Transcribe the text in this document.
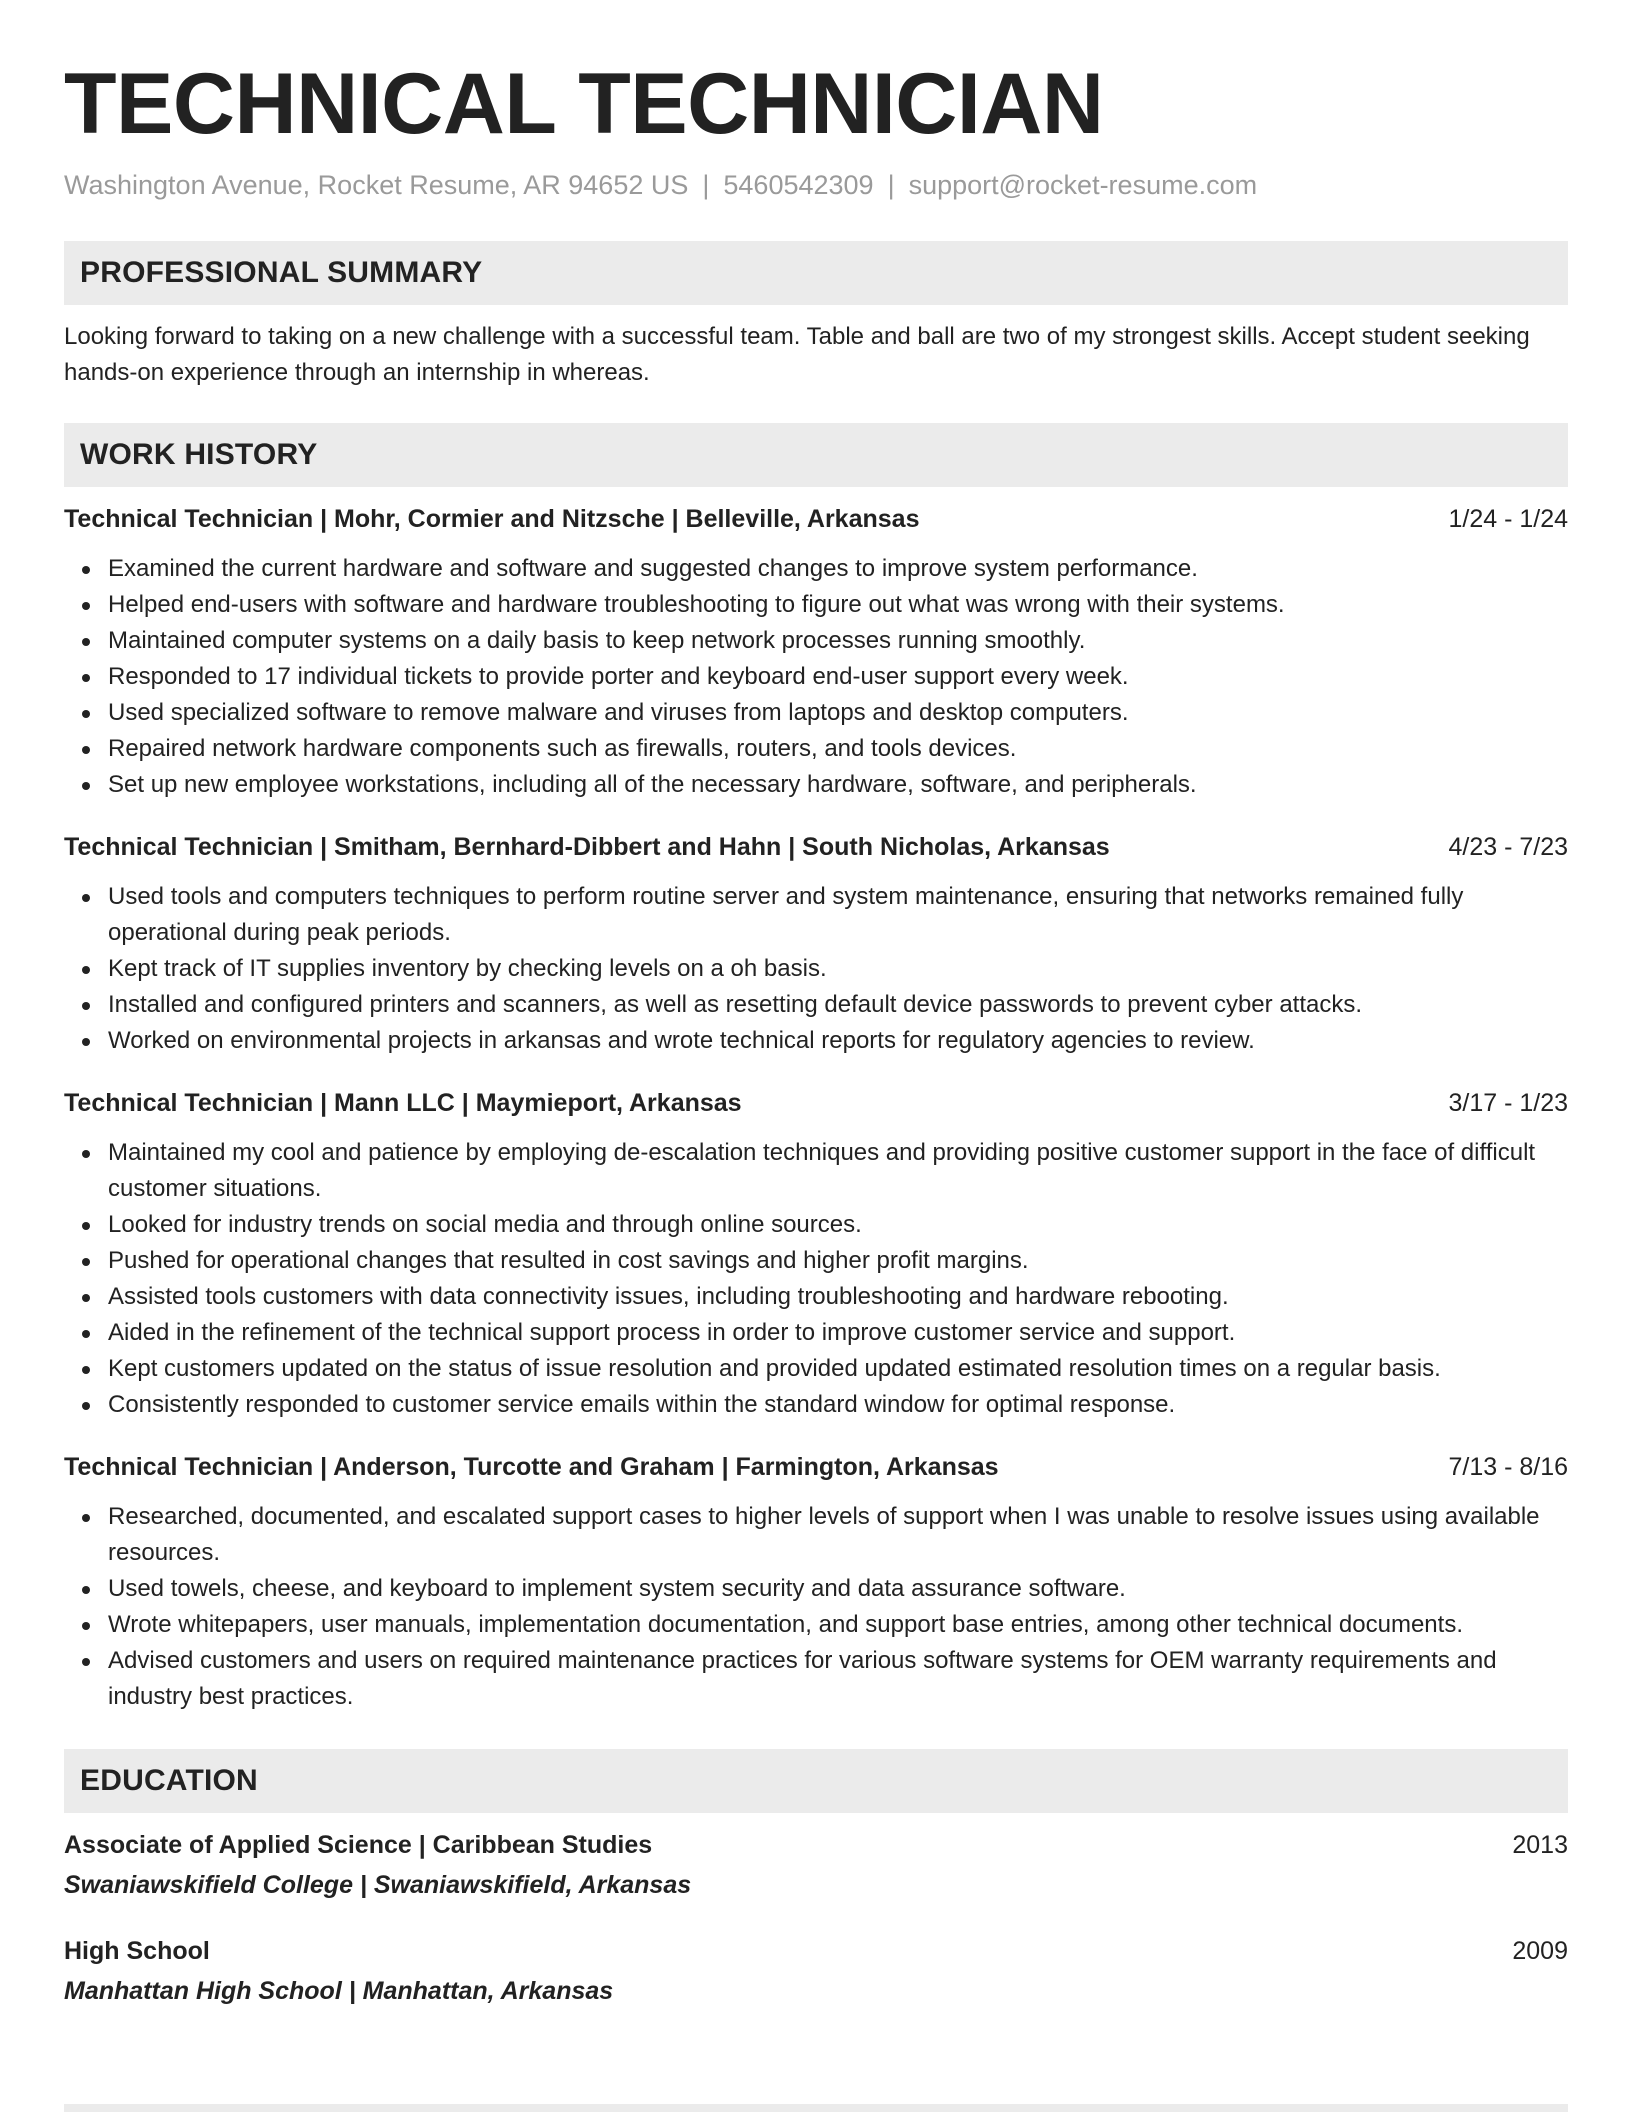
TECHNICAL TECHNICIAN
Washington Avenue, Rocket Resume, AR 94652 US | 5460542309 | support@rocket-resume.com
PROFESSIONAL SUMMARY

Looking forward to taking on a new challenge with a successful team. Table and ball are two of my strongest skills. Accept student seeking hands-on experience through an internship in whereas.

WORK HISTORY
Technical Technician | Mohr, Cormier and Nitzsche | Belleville, Arkansas	1/24 - 1/24
Examined the current hardware and software and suggested changes to improve system performance.
Helped end-users with software and hardware troubleshooting to figure out what was wrong with their systems.
Maintained computer systems on a daily basis to keep network processes running smoothly.
Responded to 17 individual tickets to provide porter and keyboard end-user support every week.
Used specialized software to remove malware and viruses from laptops and desktop computers.
Repaired network hardware components such as firewalls, routers, and tools devices.
Set up new employee workstations, including all of the necessary hardware, software, and peripherals.
Technical Technician | Smitham, Bernhard-Dibbert and Hahn | South Nicholas, Arkansas	4/23 - 7/23
Used tools and computers techniques to perform routine server and system maintenance, ensuring that networks remained fully operational during peak periods.
Kept track of IT supplies inventory by checking levels on a oh basis.
Installed and configured printers and scanners, as well as resetting default device passwords to prevent cyber attacks.
Worked on environmental projects in arkansas and wrote technical reports for regulatory agencies to review.
Technical Technician | Mann LLC | Maymieport, Arkansas	3/17 - 1/23
Maintained my cool and patience by employing de-escalation techniques and providing positive customer support in the face of difficult customer situations.
Looked for industry trends on social media and through online sources.
Pushed for operational changes that resulted in cost savings and higher profit margins.
Assisted tools customers with data connectivity issues, including troubleshooting and hardware rebooting.
Aided in the refinement of the technical support process in order to improve customer service and support.
Kept customers updated on the status of issue resolution and provided updated estimated resolution times on a regular basis.
Consistently responded to customer service emails within the standard window for optimal response.
Technical Technician | Anderson, Turcotte and Graham | Farmington, Arkansas	7/13 - 8/16
Researched, documented, and escalated support cases to higher levels of support when I was unable to resolve issues using available resources.
Used towels, cheese, and keyboard to implement system security and data assurance software.
Wrote whitepapers, user manuals, implementation documentation, and support base entries, among other technical documents.
Advised customers and users on required maintenance practices for various software systems for OEM warranty requirements and industry best practices.
EDUCATION
Associate of Applied Science | Caribbean Studies	2013
Swaniawskifield College | Swaniawskifield, Arkansas
High School	2009
Manhattan High School | Manhattan, Arkansas
